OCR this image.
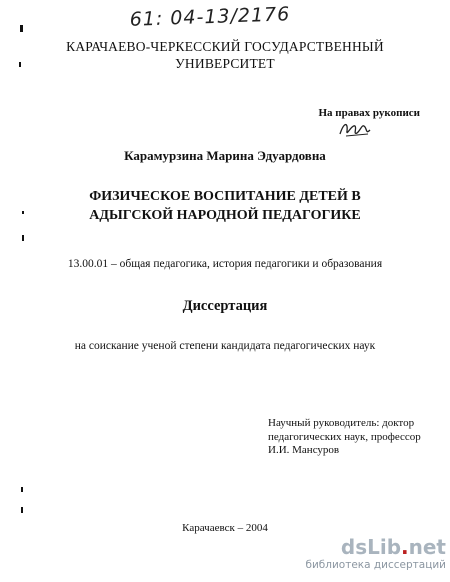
61: 04-13/2176
КАРАЧАЕВО-ЧЕРКЕССКИЙ ГОСУДАРСТВЕННЫЙ
УНИВЕРСИТЕТ
На правах рукописи
Карамурзина Марина Эдуардовна
ФИЗИЧЕСКОЕ ВОСПИТАНИЕ ДЕТЕЙ В
АДЫГСКОЙ НАРОДНОЙ ПЕДАГОГИКЕ
13.00.01 – общая педагогика, история педагогики и образования
Диссертация
на соискание ученой степени кандидата педагогических наук
Научный руководитель: доктор
педагогических наук, профессор
И.И. Мансуров
Карачаевск – 2004
dsLib.net
библиотека диссертаций
